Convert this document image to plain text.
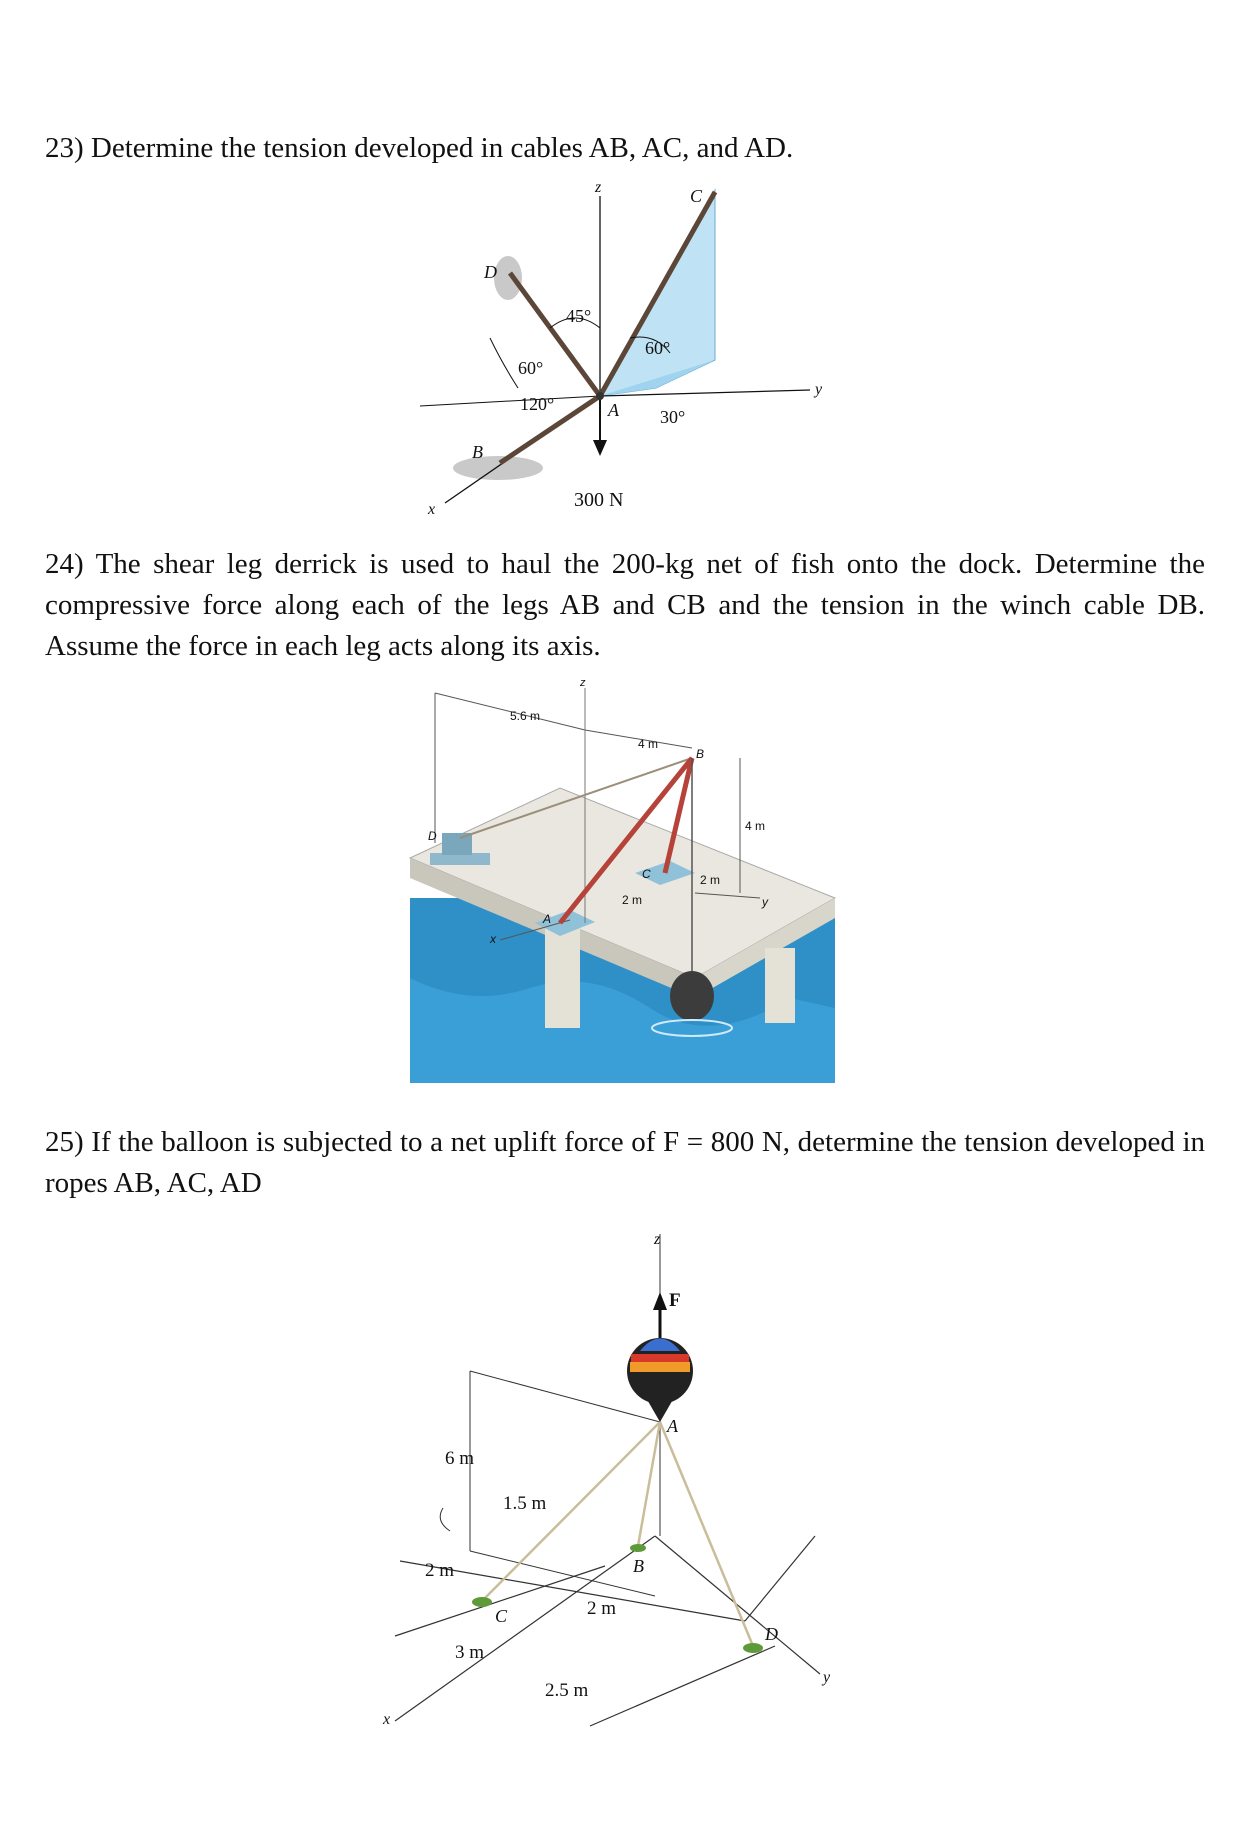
23) Determine the tension developed in cables AB, AC, and AD.
z
y
x
C
D
B
A
45°
60°
120°
60°
30°
300 N
24) The shear leg derrick is used to haul the 200-kg net of fish onto the dock. Determine the compressive force along each of the legs AB and CB and the tension in the winch cable DB. Assume the force in each leg acts along its axis.
z
x
y
D
B
A
C
5.6 m
4 m
4 m
2 m
2 m
25) If the balloon is subjected to a net uplift force of F = 800 N, determine the tension developed in ropes AB, AC, AD
z
x
y
F
A
B
C
D
6 m
1.5 m
2 m
2 m
3 m
2.5 m
